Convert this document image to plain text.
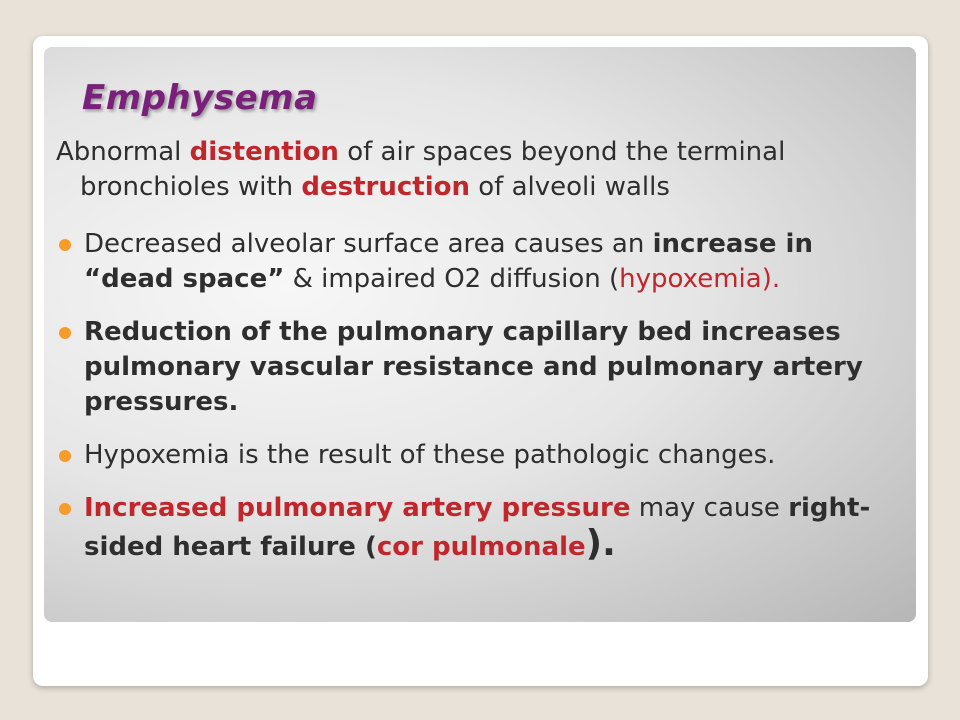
Emphysema

Abnormal distention of air spaces beyond the terminal bronchioles with destruction of alveoli walls

Decreased alveolar surface area causes an increase in “dead space” & impaired O2 diffusion (hypoxemia).
Reduction of the pulmonary capillary bed increases pulmonary vascular resistance and pulmonary artery pressures.
Hypoxemia is the result of these pathologic changes.
Increased pulmonary artery pressure may cause right-sided heart failure (cor pulmonale).
